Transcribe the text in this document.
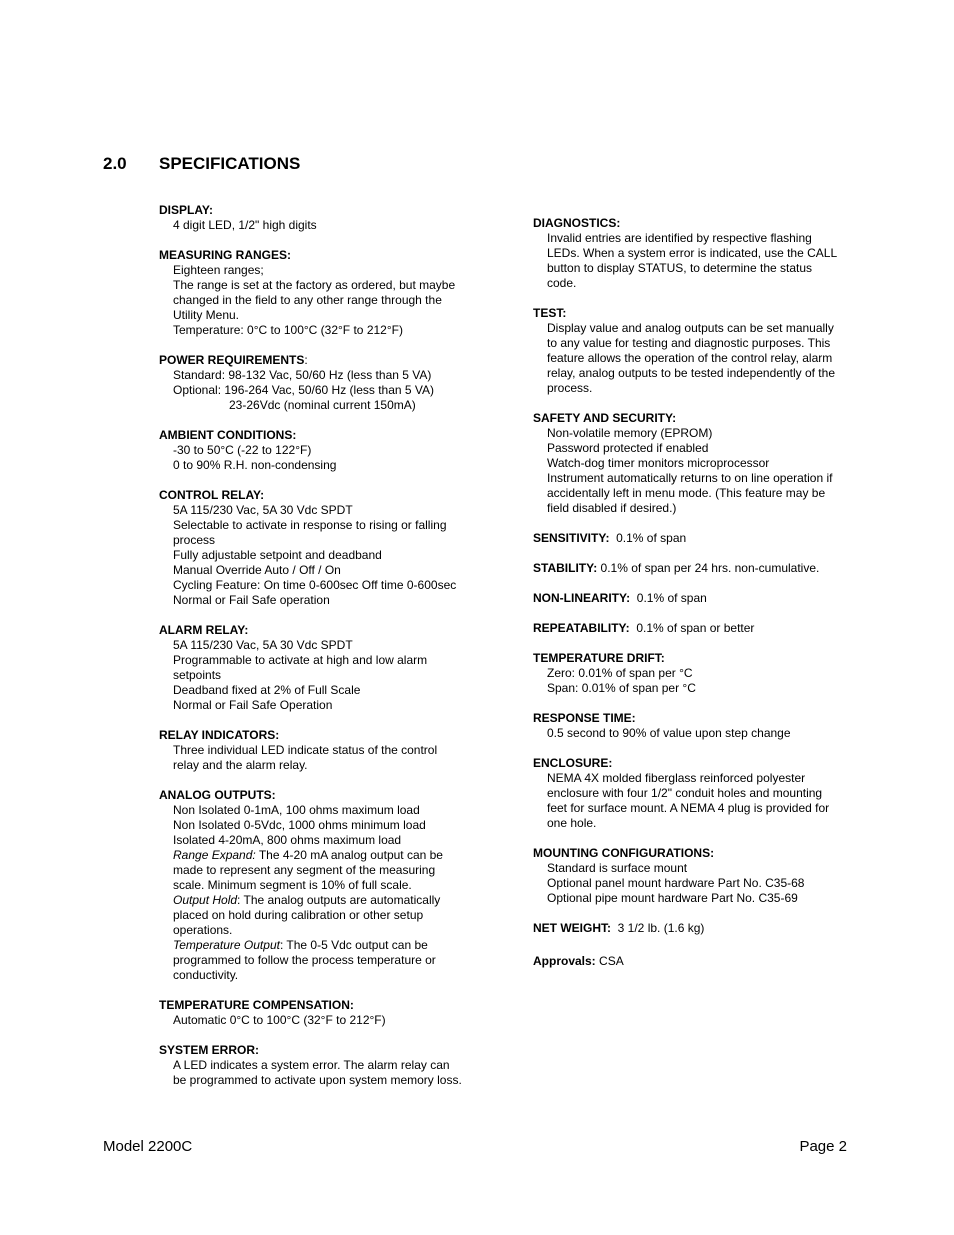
2.0 SPECIFICATIONS
DISPLAY:
4 digit LED, 1/2" high digits
MEASURING RANGES:
Eighteen ranges;
The range is set at the factory as ordered, but maybe
changed in the field to any other range through the
Utility Menu.
Temperature: 0°C to 100°C (32°F to 212°F)
POWER REQUIREMENTS:
Standard: 98-132 Vac, 50/60 Hz (less than 5 VA)
Optional: 196-264 Vac, 50/60 Hz (less than 5 VA)
23-26Vdc (nominal current 150mA)
AMBIENT CONDITIONS:
-30 to 50°C (-22 to 122°F)
0 to 90% R.H. non-condensing
CONTROL RELAY:
5A 115/230 Vac, 5A 30 Vdc SPDT
Selectable to activate in response to rising or falling
process
Fully adjustable setpoint and deadband
Manual Override Auto / Off / On
Cycling Feature: On time 0-600sec Off time 0-600sec
Normal or Fail Safe operation
ALARM RELAY:
5A 115/230 Vac, 5A 30 Vdc SPDT
Programmable to activate at high and low alarm
setpoints
Deadband fixed at 2% of Full Scale
Normal or Fail Safe Operation
RELAY INDICATORS:
Three individual LED indicate status of the control
relay and the alarm relay.
ANALOG OUTPUTS:
Non Isolated 0-1mA, 100 ohms maximum load
Non Isolated 0-5Vdc, 1000 ohms minimum load
Isolated 4-20mA, 800 ohms maximum load
Range Expand: The 4-20 mA analog output can be
made to represent any segment of the measuring
scale. Minimum segment is 10% of full scale.
Output Hold: The analog outputs are automatically
placed on hold during calibration or other setup
operations.
Temperature Output: The 0-5 Vdc output can be
programmed to follow the process temperature or
conductivity.
TEMPERATURE COMPENSATION:
Automatic 0°C to 100°C (32°F to 212°F)
SYSTEM ERROR:
A LED indicates a system error. The alarm relay can
be programmed to activate upon system memory loss.
DIAGNOSTICS:
Invalid entries are identified by respective flashing
LEDs. When a system error is indicated, use the CALL
button to display STATUS, to determine the status
code.
TEST:
Display value and analog outputs can be set manually
to any value for testing and diagnostic purposes. This
feature allows the operation of the control relay, alarm
relay, analog outputs to be tested independently of the
process.
SAFETY AND SECURITY:
Non-volatile memory (EPROM)
Password protected if enabled
Watch-dog timer monitors microprocessor
Instrument automatically returns to on line operation if
accidentally left in menu mode. (This feature may be
field disabled if desired.)
SENSITIVITY:  0.1% of span
STABILITY: 0.1% of span per 24 hrs. non-cumulative.
NON-LINEARITY:  0.1% of span
REPEATABILITY:  0.1% of span or better
TEMPERATURE DRIFT:
Zero: 0.01% of span per °C
Span: 0.01% of span per °C
RESPONSE TIME:
0.5 second to 90% of value upon step change
ENCLOSURE:
NEMA 4X molded fiberglass reinforced polyester
enclosure with four 1/2" conduit holes and mounting
feet for surface mount. A NEMA 4 plug is provided for
one hole.
MOUNTING CONFIGURATIONS:
Standard is surface mount
Optional panel mount hardware Part No. C35-68
Optional pipe mount hardware Part No. C35-69
NET WEIGHT:  3 1/2 lb. (1.6 kg)
Approvals: CSA
Model 2200C	Page 2
